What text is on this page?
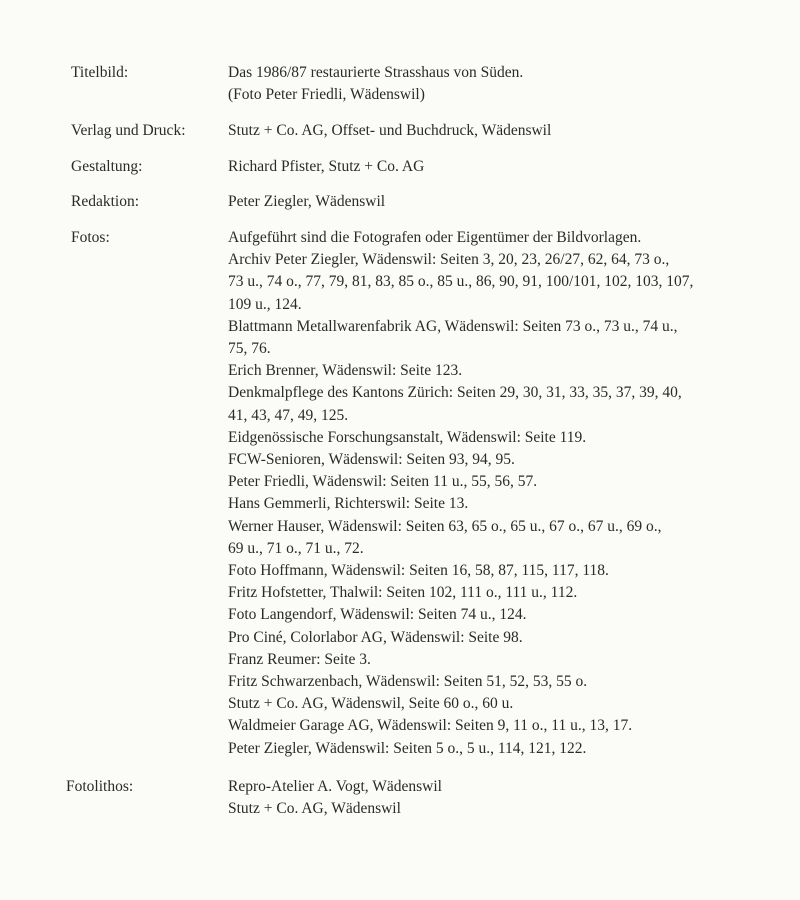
Titelbild:	Das 1986/87 restaurierte Strasshaus von Süden.
(Foto Peter Friedli, Wädenswil)
Verlag und Druck:	Stutz + Co. AG, Offset- und Buchdruck, Wädenswil
Gestaltung:	Richard Pfister, Stutz + Co. AG
Redaktion:	Peter Ziegler, Wädenswil
Fotos:	Aufgeführt sind die Fotografen oder Eigentümer der Bildvorlagen.
Archiv Peter Ziegler, Wädenswil: Seiten 3, 20, 23, 26/27, 62, 64, 73 o.,
73 u., 74 o., 77, 79, 81, 83, 85 o., 85 u., 86, 90, 91, 100/101, 102, 103, 107,
109 u., 124.
Blattmann Metallwarenfabrik AG, Wädenswil: Seiten 73 o., 73 u., 74 u.,
75, 76.
Erich Brenner, Wädenswil: Seite 123.
Denkmalpflege des Kantons Zürich: Seiten 29, 30, 31, 33, 35, 37, 39, 40,
41, 43, 47, 49, 125.
Eidgenössische Forschungsanstalt, Wädenswil: Seite 119.
FCW-Senioren, Wädenswil: Seiten 93, 94, 95.
Peter Friedli, Wädenswil: Seiten 11 u., 55, 56, 57.
Hans Gemmerli, Richterswil: Seite 13.
Werner Hauser, Wädenswil: Seiten 63, 65 o., 65 u., 67 o., 67 u., 69 o.,
69 u., 71 o., 71 u., 72.
Foto Hoffmann, Wädenswil: Seiten 16, 58, 87, 115, 117, 118.
Fritz Hofstetter, Thalwil: Seiten 102, 111 o., 111 u., 112.
Foto Langendorf, Wädenswil: Seiten 74 u., 124.
Pro Ciné, Colorlabor AG, Wädenswil: Seite 98.
Franz Reumer: Seite 3.
Fritz Schwarzenbach, Wädenswil: Seiten 51, 52, 53, 55 o.
Stutz + Co. AG, Wädenswil, Seite 60 o., 60 u.
Waldmeier Garage AG, Wädenswil: Seiten 9, 11 o., 11 u., 13, 17.
Peter Ziegler, Wädenswil: Seiten 5 o., 5 u., 114, 121, 122.
Fotolithos:	Repro-Atelier A. Vogt, Wädenswil
Stutz + Co. AG, Wädenswil
